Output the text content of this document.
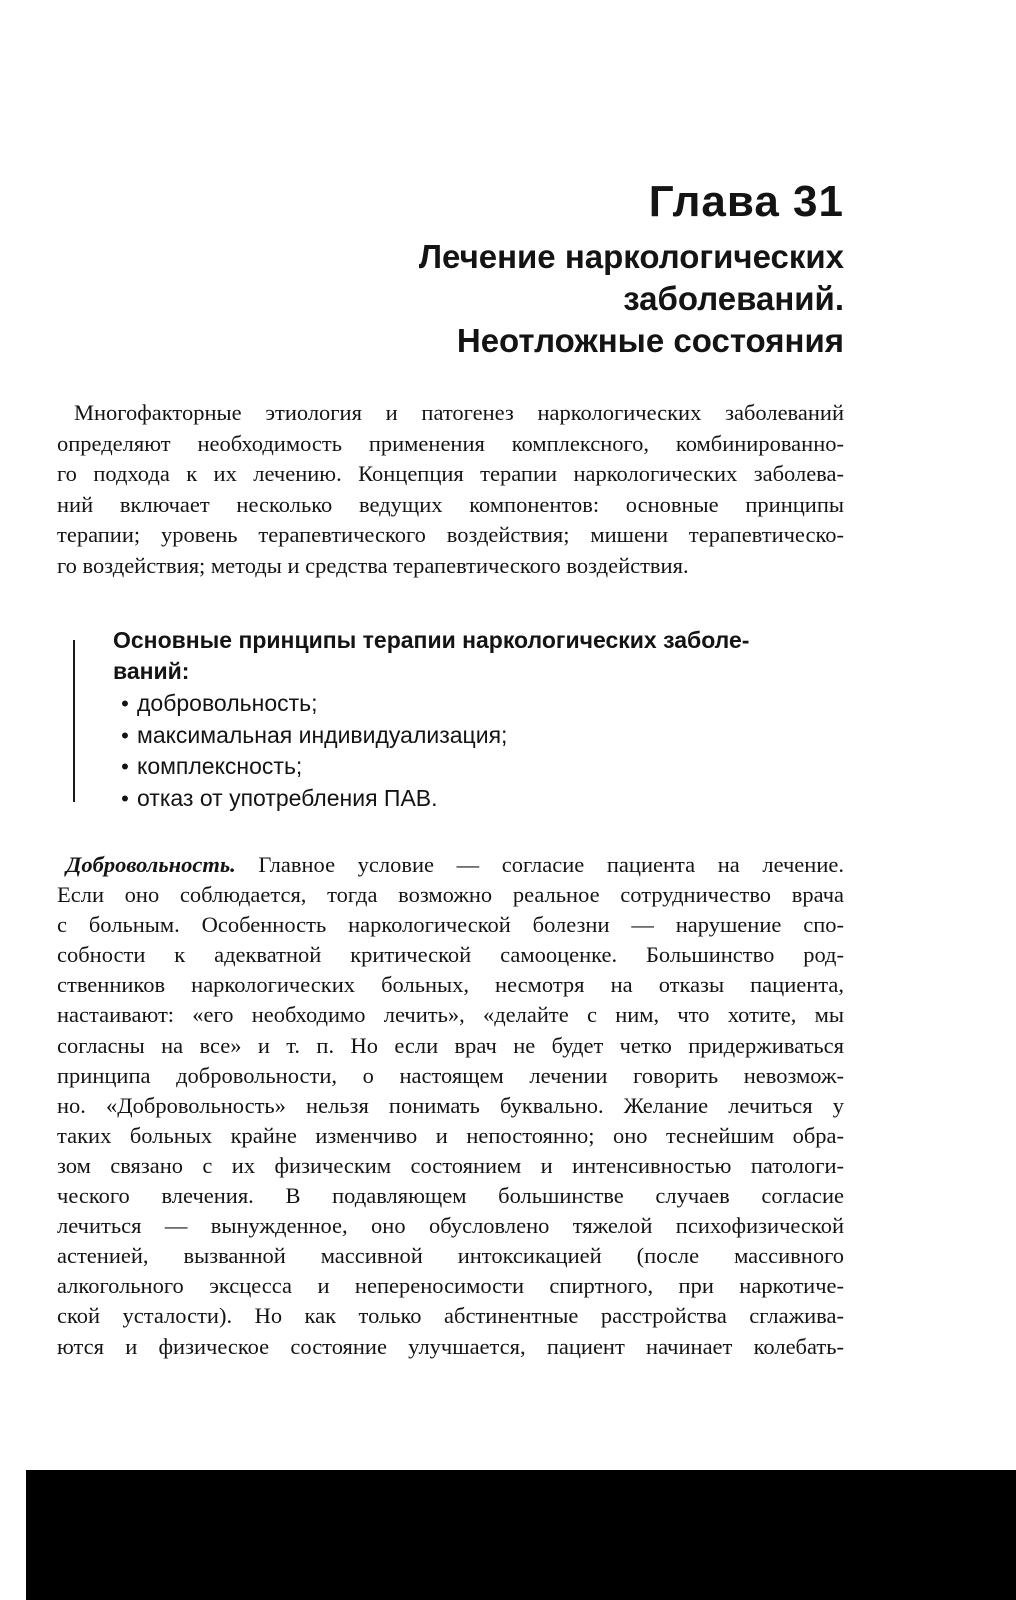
Глава 31
Лечение наркологических
заболеваний.
Неотложные состояния

Многофакторные этиология и патогенез наркологических заболеваний
определяют необходимость применения комплексного, комбинированно-
го подхода к их лечению. Концепция терапии наркологических заболева-
ний включает несколько ведущих компонентов: основные принципы
терапии; уровень терапевтического воздействия; мишени терапевтическо-
го воздействия; методы и средства терапевтического воздействия.

Основные принципы терапии наркологических заболе-
ваний:
• добровольность;
• максимальная индивидуализация;
• комплексность;
• отказ от употребления ПАВ.

Добровольность. Главное условие — согласие пациента на лечение.
Если оно соблюдается, тогда возможно реальное сотрудничество врача
с больным. Особенность наркологической болезни — нарушение спо-
собности к адекватной критической самооценке. Большинство род-
ственников наркологических больных, несмотря на отказы пациента,
настаивают: «его необходимо лечить», «делайте с ним, что хотите, мы
согласны на все» и т. п. Но если врач не будет четко придерживаться
принципа добровольности, о настоящем лечении говорить невозмож-
но. «Добровольность» нельзя понимать буквально. Желание лечиться у
таких больных крайне изменчиво и непостоянно; оно теснейшим обра-
зом связано с их физическим состоянием и интенсивностью патологи-
ческого влечения. В подавляющем большинстве случаев согласие
лечиться — вынужденное, оно обусловлено тяжелой психофизической
астенией, вызванной массивной интоксикацией (после массивного
алкогольного эксцесса и непереносимости спиртного, при наркотиче-
ской усталости). Но как только абстинентные расстройства сглажива-
ются и физическое состояние улучшается, пациент начинает колебать-
